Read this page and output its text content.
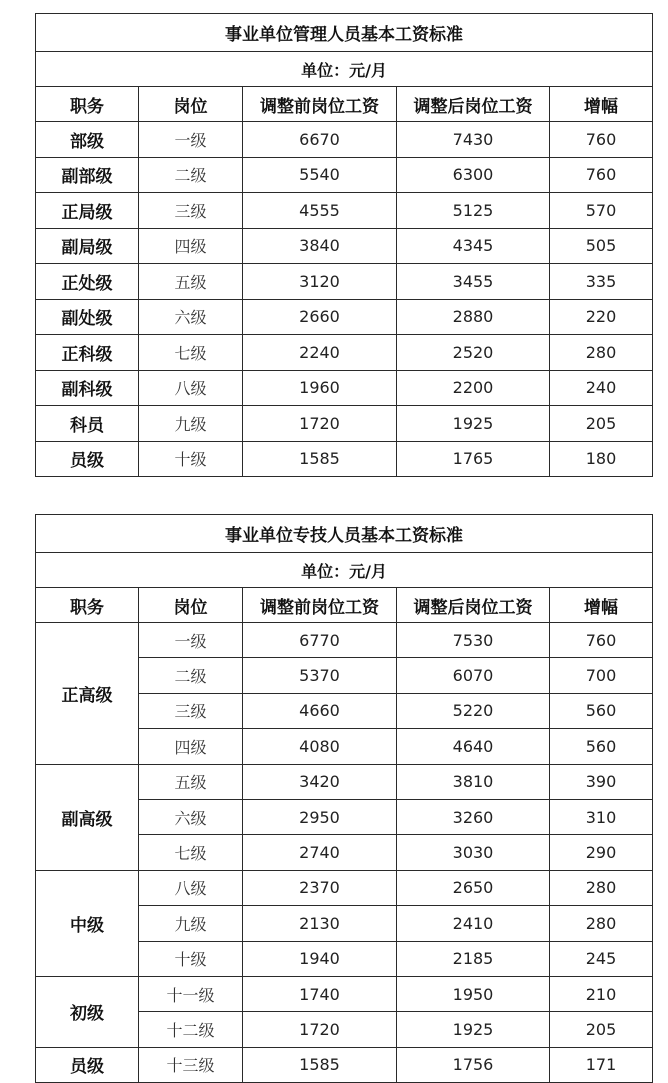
事业单位管理人员基本工资标准				
单位：元/月				
职务	岗位	调整前岗位工资	调整后岗位工资	增幅
部级	一级	6670	7430	760
副部级	二级	5540	6300	760
正局级	三级	4555	5125	570
副局级	四级	3840	4345	505
正处级	五级	3120	3455	335
副处级	六级	2660	2880	220
正科级	七级	2240	2520	280
副科级	八级	1960	2200	240
科员	九级	1720	1925	205
员级	十级	1585	1765	180
事业单位专技人员基本工资标准				
单位：元/月				
职务	岗位	调整前岗位工资	调整后岗位工资	增幅
正高级	一级	6770	7530	760
	二级	5370	6070	700
	三级	4660	5220	560
	四级	4080	4640	560
副高级	五级	3420	3810	390
	六级	2950	3260	310
	七级	2740	3030	290
中级	八级	2370	2650	280
	九级	2130	2410	280
	十级	1940	2185	245
初级	十一级	1740	1950	210
	十二级	1720	1925	205
员级	十三级	1585	1756	171
